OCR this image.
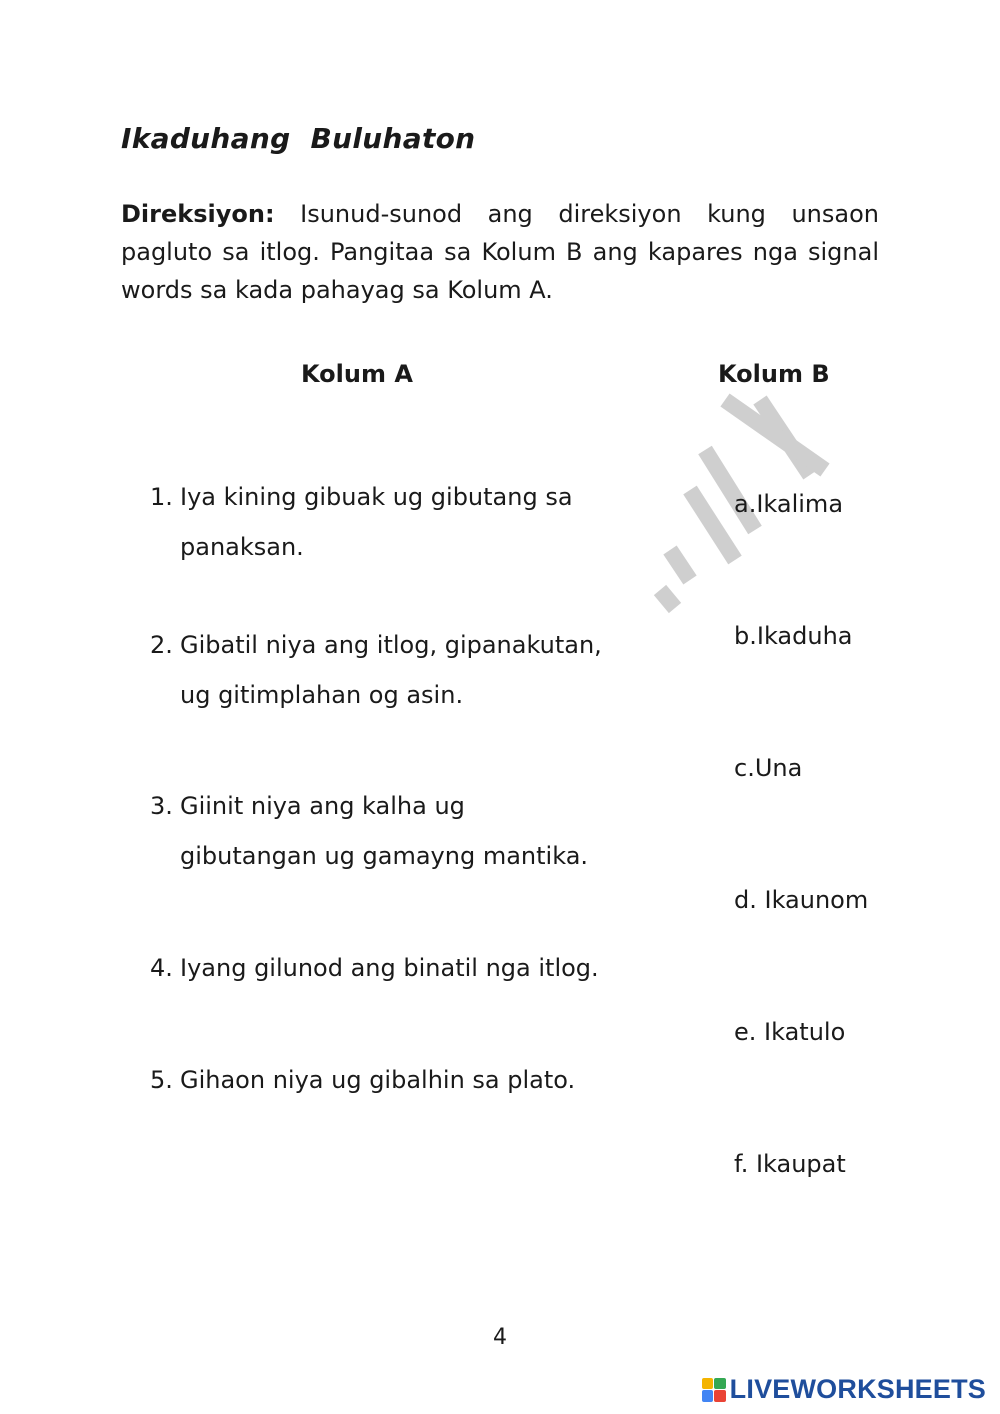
Ikaduhang  Buluhaton
Direksiyon: Isunud-sunod ang direksiyon kung unsaon pagluto sa itlog. Pangitaa sa Kolum B ang kapares nga signal words sa kada pahayag sa Kolum A.
Kolum A	Kolum B
1. Iya kining gibuak ug gibutang sa
panaksan.
2. Gibatil niya ang itlog, gipanakutan,
ug gitimplahan og asin.
3. Giinit niya ang kalha ug
gibutangan ug gamayng mantika.
4. Iyang gilunod ang binatil nga itlog.
5. Gihaon niya ug gibalhin sa plato.
a.Ikalima
b.Ikaduha
c.Una
d. Ikaunom
e. Ikatulo
f. Ikaupat
4
LIVEWORKSHEETS
